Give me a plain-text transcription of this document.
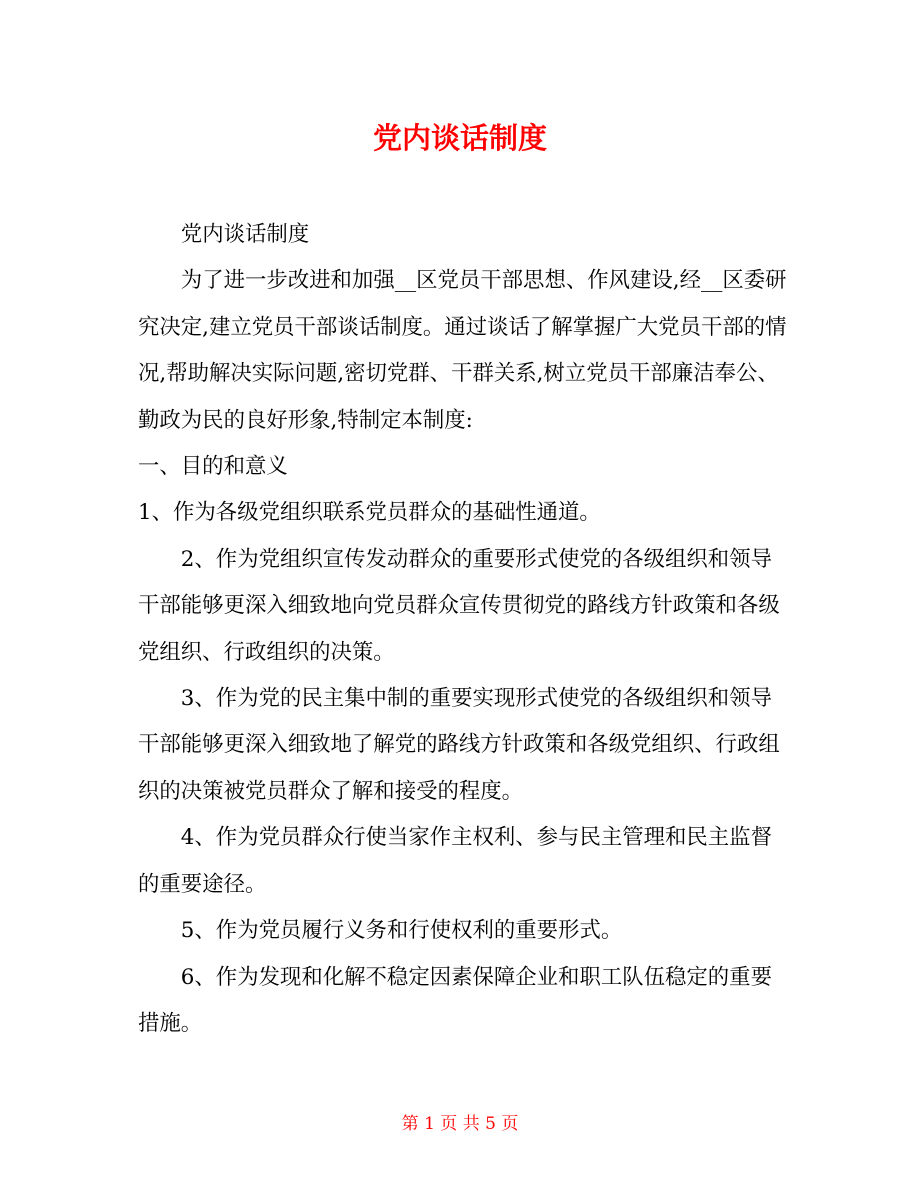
党内谈话制度

党内谈话制度

为了进一步改进和加强__区党员干部思想、作风建设,经__区委研究决定,建立党员干部谈话制度。通过谈话了解掌握广大党员干部的情况,帮助解决实际问题,密切党群、干群关系,树立党员干部廉洁奉公、勤政为民的良好形象,特制定本制度:

一、目的和意义

1、作为各级党组织联系党员群众的基础性通道。

2、作为党组织宣传发动群众的重要形式使党的各级组织和领导干部能够更深入细致地向党员群众宣传贯彻党的路线方针政策和各级党组织、行政组织的决策。

3、作为党的民主集中制的重要实现形式使党的各级组织和领导干部能够更深入细致地了解党的路线方针政策和各级党组织、行政组织的决策被党员群众了解和接受的程度。

4、作为党员群众行使当家作主权利、参与民主管理和民主监督的重要途径。

5、作为党员履行义务和行使权利的重要形式。

6、作为发现和化解不稳定因素保障企业和职工队伍稳定的重要措施。

第 1 页 共 5 页
